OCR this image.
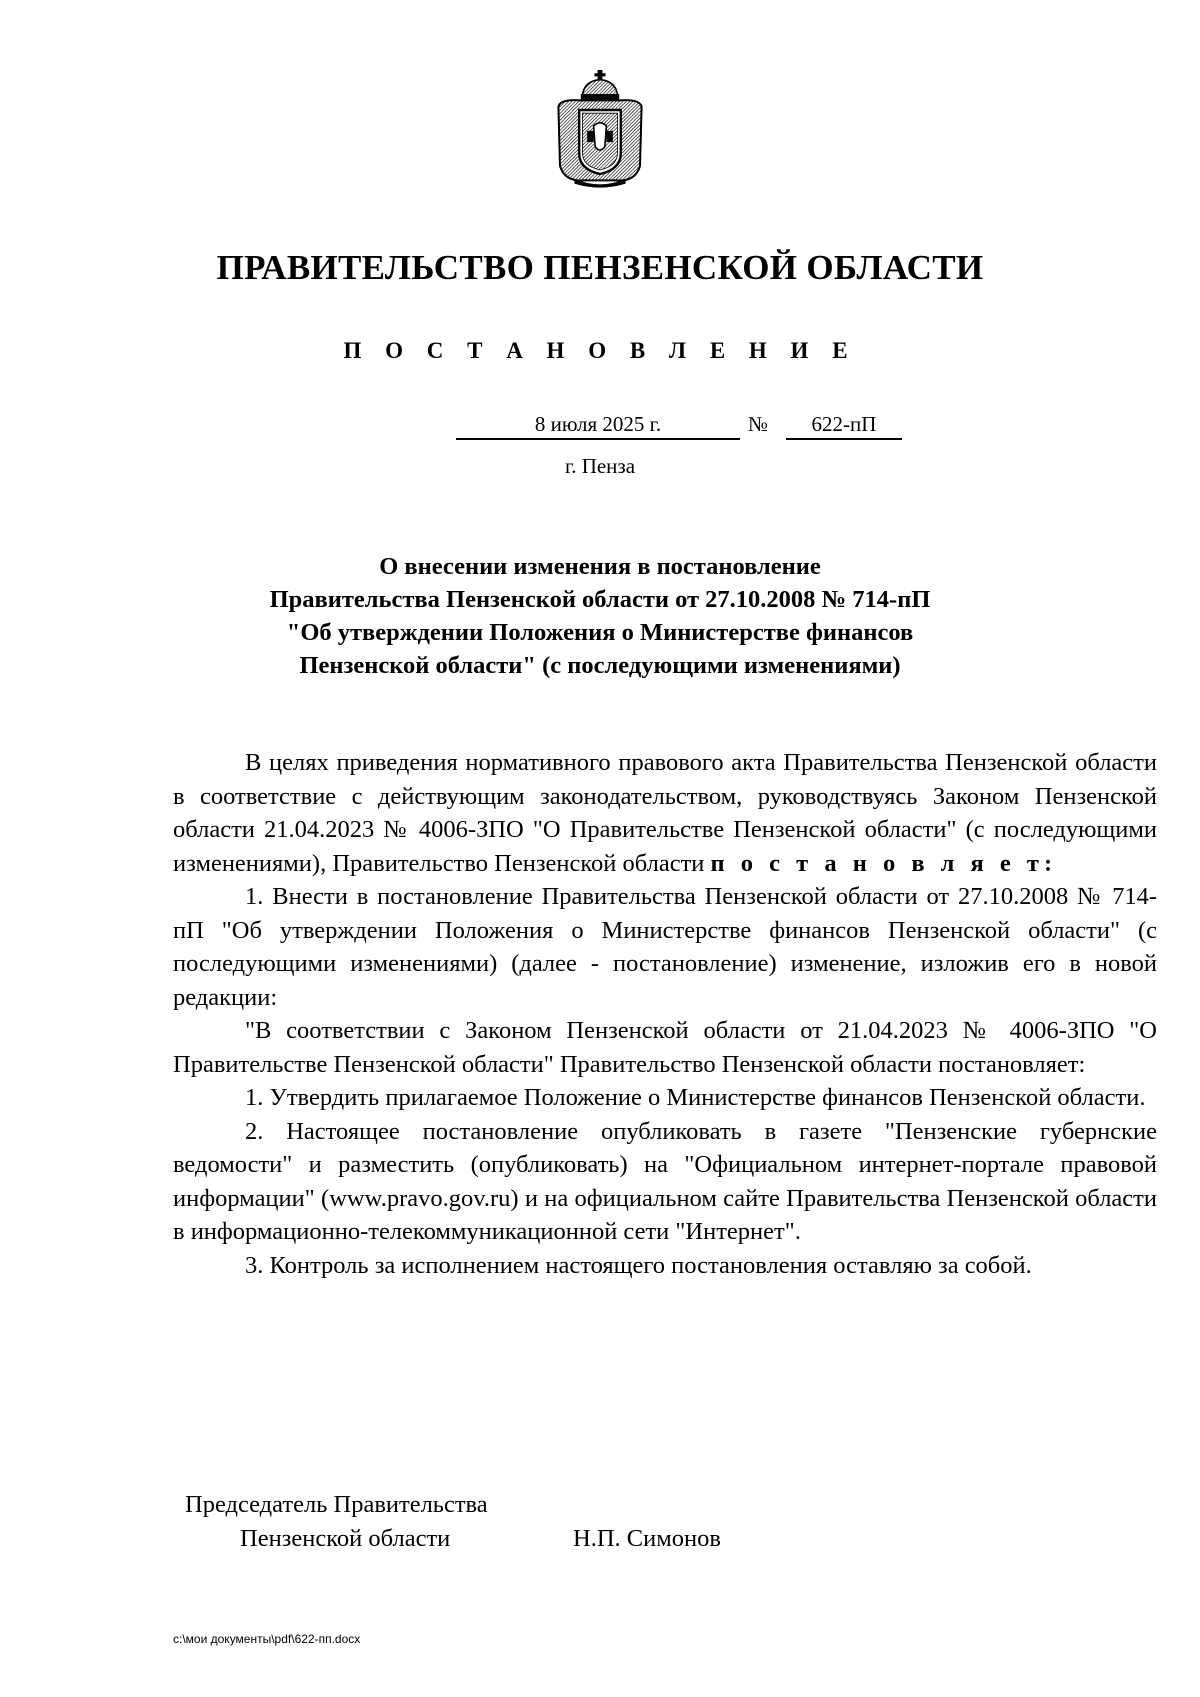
ПРАВИТЕЛЬСТВО ПЕНЗЕНСКОЙ ОБЛАСТИ
П О С Т А Н О В Л Е Н И Е
8 июля 2025 г.	№	622-пП
г. Пенза
О внесении изменения в постановление
Правительства Пензенской области от 27.10.2008 № 714-пП
"Об утверждении Положения о Министерстве финансов
Пензенской области" (с последующими изменениями)

В целях приведения нормативного правового акта Правительства Пензенской области в соответствие с действующим законодательством, руководствуясь Законом Пензенской области 21.04.2023 № 4006-ЗПО "О Правительстве Пензенской области" (с последующими изменениями), Правительство Пензенской области п о с т а н о в л я е т:

1. Внести в постановление Правительства Пензенской области от 27.10.2008 № 714-пП "Об утверждении Положения о Министерстве финансов Пензенской области" (с последующими изменениями) (далее - постановление) изменение, изложив его в новой редакции:

"В соответствии с Законом Пензенской области от 21.04.2023 № 4006-ЗПО "О Правительстве Пензенской области" Правительство Пензенской области постановляет:

1. Утвердить прилагаемое Положение о Министерстве финансов Пензенской области.

2. Настоящее постановление опубликовать в газете "Пензенские губернские ведомости" и разместить (опубликовать) на "Официальном интернет-портале правовой информации" (www.pravo.gov.ru) и на официальном сайте Правительства Пензенской области в информационно-телекоммуникационной сети "Интернет".

3. Контроль за исполнением настоящего постановления оставляю за собой.

Председатель Правительства
Пензенской области	Н.П. Симонов
c:\мои документы\pdf\622-пп.docx
